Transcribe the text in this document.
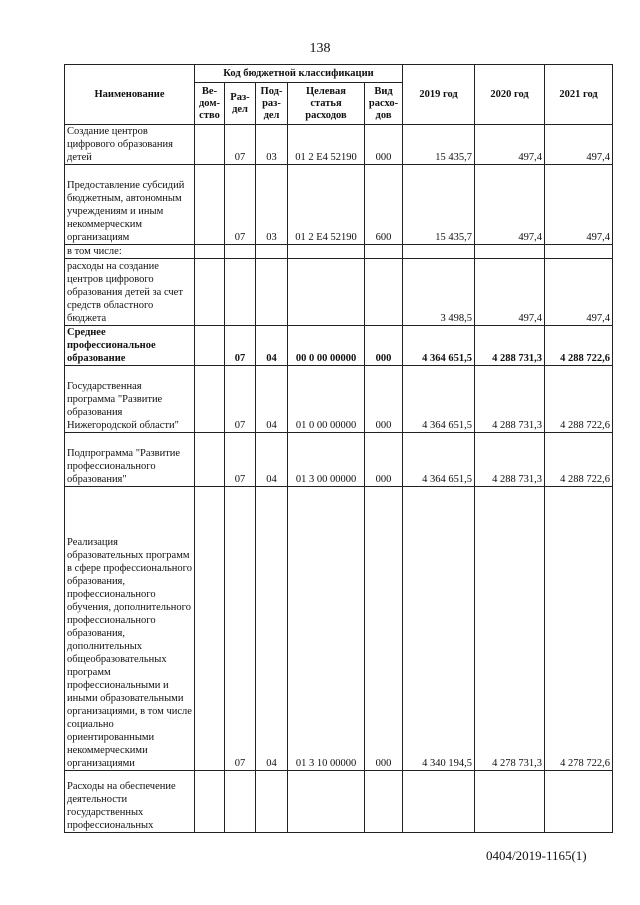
138
Наименование	Код бюджетной классификации					2019 год	2020 год	2021 год
	Ве-дом-ство	Раз-дел	Под-раз-дел	Целевая статья расходов	Вид расхо-дов			
Создание центров цифрового образования детей		07	03	01 2 E4 52190	000	15 435,7	497,4	497,4
Предоставление субсидий бюджетным, автономным учреждениям и иным некоммерческим организациям		07	03	01 2 E4 52190	600	15 435,7	497,4	497,4
в том числе:								
расходы на создание центров цифрового образования детей за счет средств областного бюджета						3 498,5	497,4	497,4
Среднее профессиональное образование		07	04	00 0 00 00000	000	4 364 651,5	4 288 731,3	4 288 722,6
Государственная программа "Развитие образования Нижегородской области"		07	04	01 0 00 00000	000	4 364 651,5	4 288 731,3	4 288 722,6
Подпрограмма "Развитие профессионального образования"		07	04	01 3 00 00000	000	4 364 651,5	4 288 731,3	4 288 722,6
Реализация образовательных программ в сфере профессионального образования, профессионального обучения, дополнительного профессионального образования, дополнительных общеобразовательных программ профессиональными и иными образовательными организациями, в том числе социально ориентированными некоммерческими организациями		07	04	01 3 10 00000	000	4 340 194,5	4 278 731,3	4 278 722,6
Расходы на обеспечение деятельности государственных профессиональных								
0404/2019-1165(1)
